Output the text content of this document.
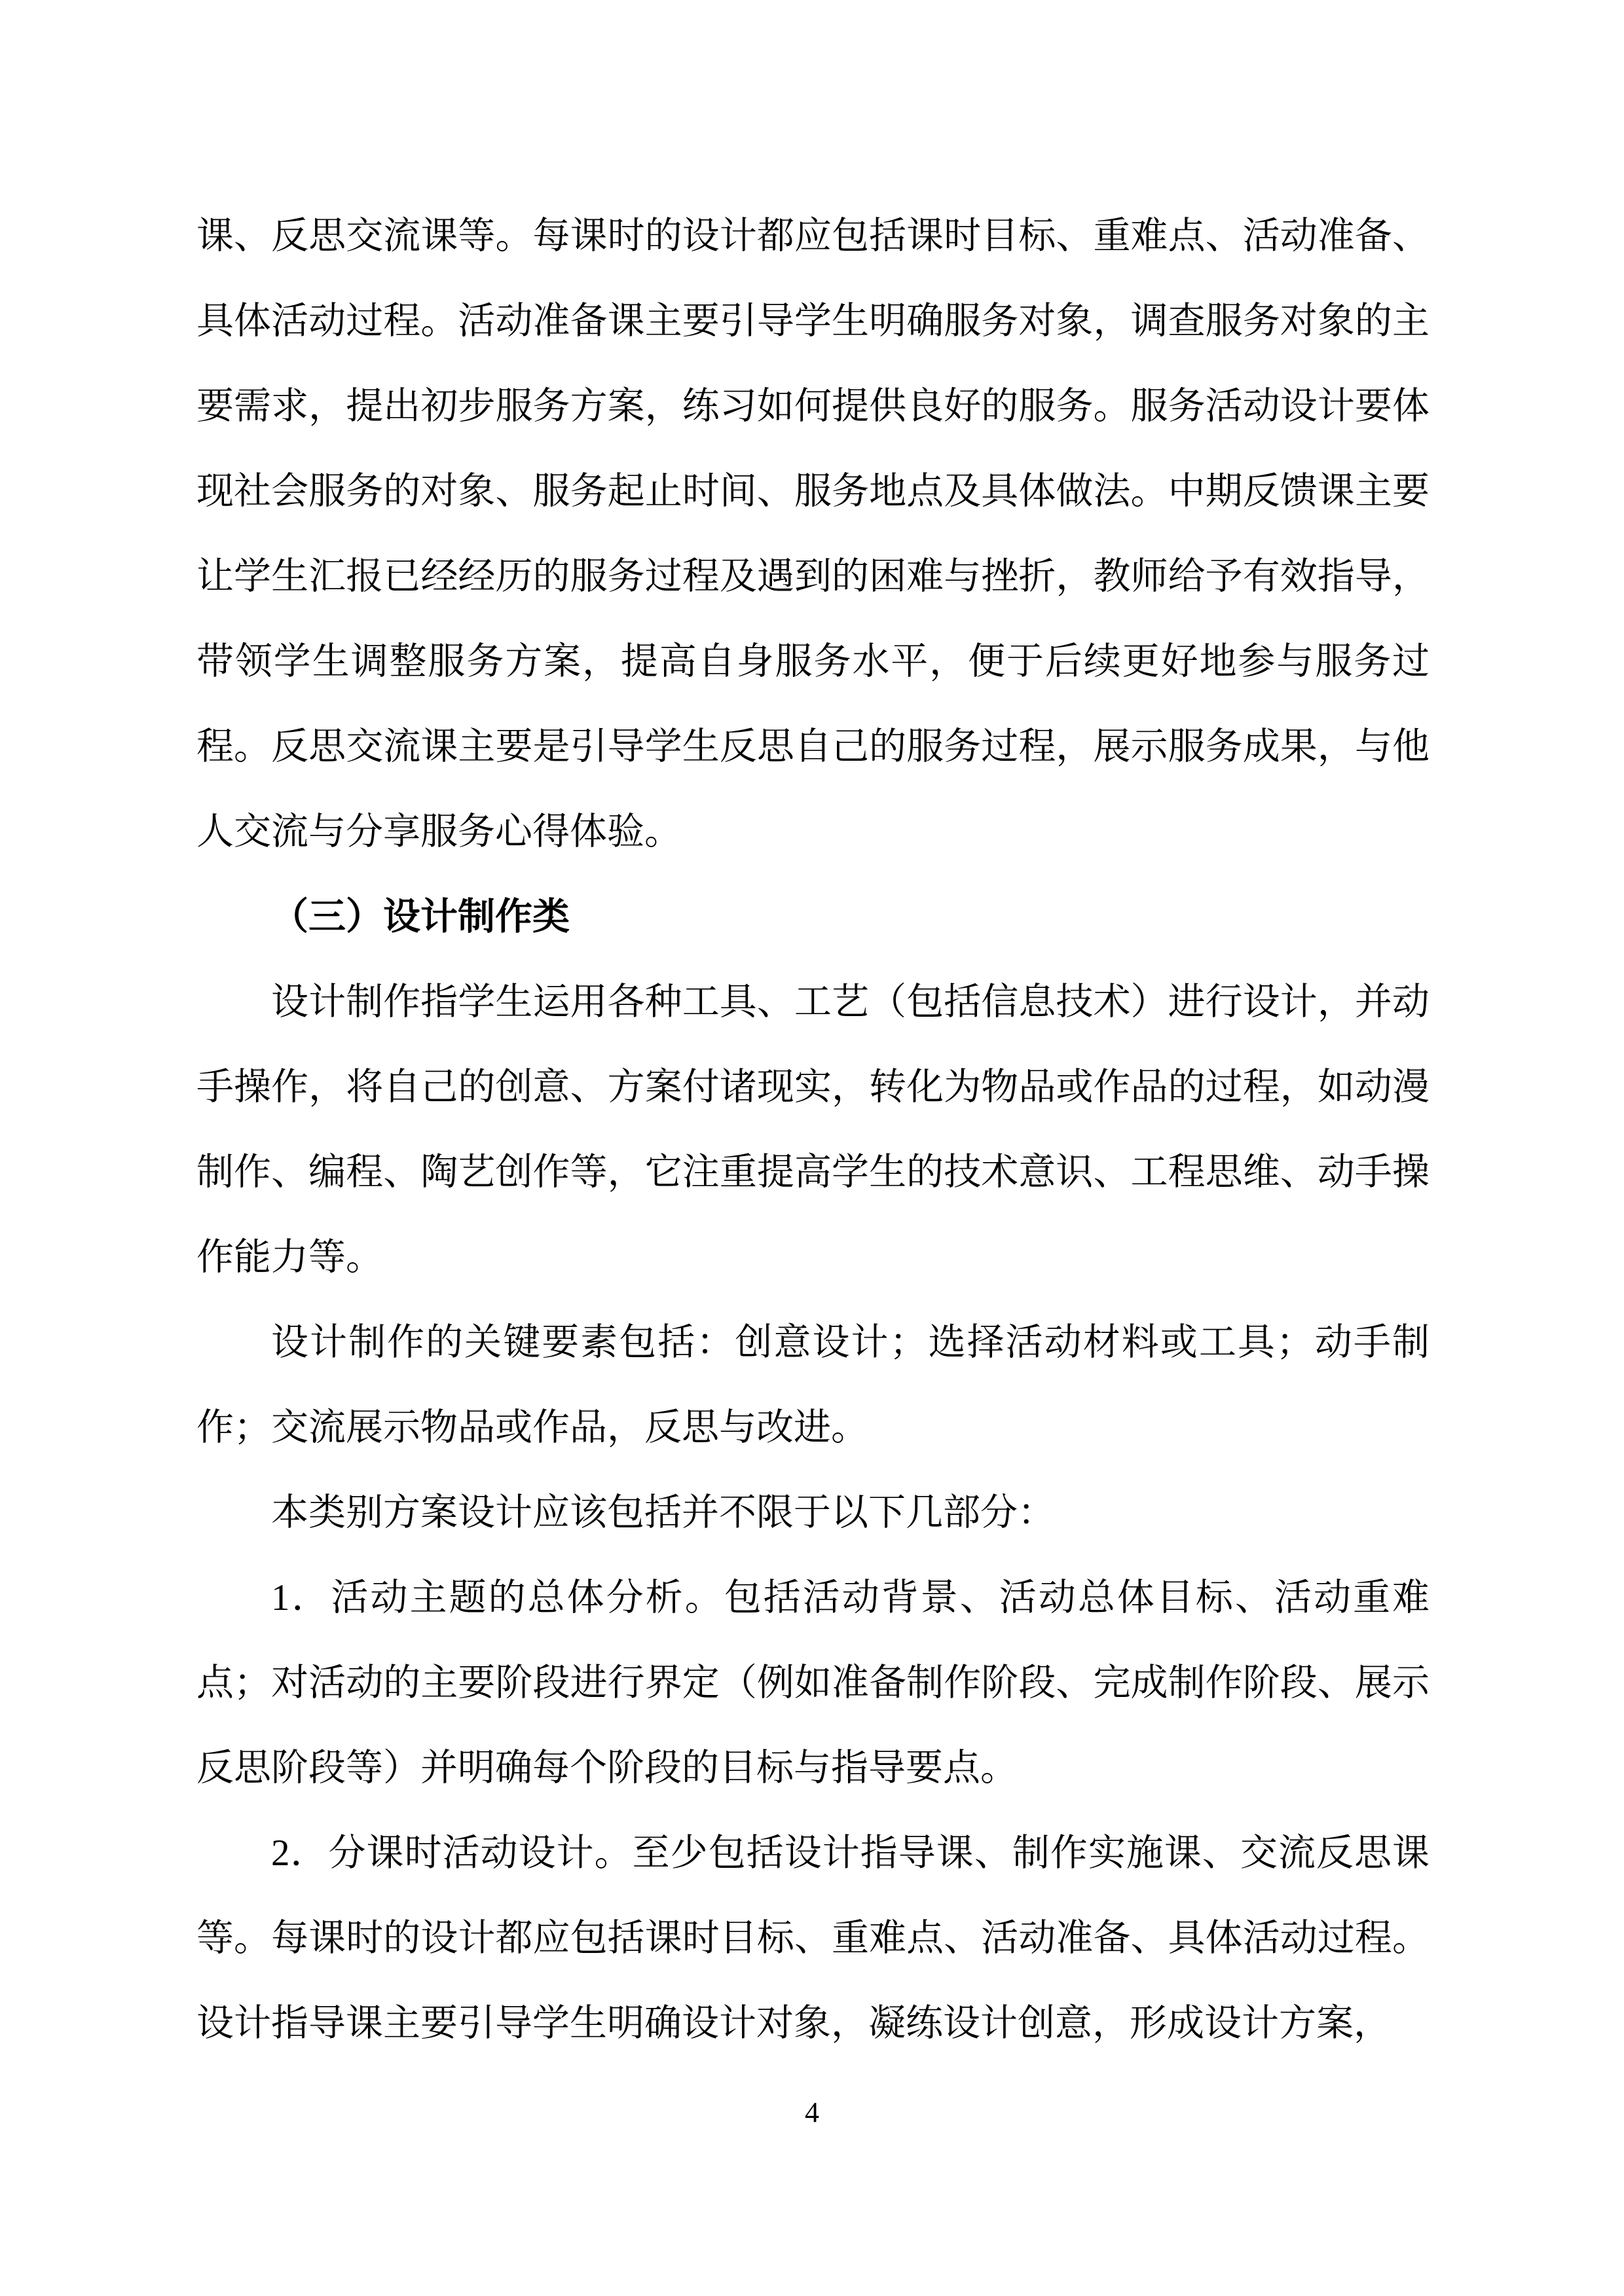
课、反思交流课等。每课时的设计都应包括课时目标、重难点、活动准备、具体活动过程。活动准备课主要引导学生明确服务对象，调查服务对象的主要需求，提出初步服务方案，练习如何提供良好的服务。服务活动设计要体现社会服务的对象、服务起止时间、服务地点及具体做法。中期反馈课主要让学生汇报已经经历的服务过程及遇到的困难与挫折，教师给予有效指导，带领学生调整服务方案，提高自身服务水平，便于后续更好地参与服务过程。反思交流课主要是引导学生反思自己的服务过程，展示服务成果，与他人交流与分享服务心得体验。

（三）设计制作类

设计制作指学生运用各种工具、工艺（包括信息技术）进行设计，并动手操作，将自己的创意、方案付诸现实，转化为物品或作品的过程，如动漫制作、编程、陶艺创作等，它注重提高学生的技术意识、工程思维、动手操作能力等。

设计制作的关键要素包括：创意设计；选择活动材料或工具；动手制作；交流展示物品或作品，反思与改进。

本类别方案设计应该包括并不限于以下几部分：

1．活动主题的总体分析。包括活动背景、活动总体目标、活动重难点；对活动的主要阶段进行界定（例如准备制作阶段、完成制作阶段、展示反思阶段等）并明确每个阶段的目标与指导要点。

2．分课时活动设计。至少包括设计指导课、制作实施课、交流反思课等。每课时的设计都应包括课时目标、重难点、活动准备、具体活动过程。设计指导课主要引导学生明确设计对象，凝练设计创意，形成设计方案，

4
